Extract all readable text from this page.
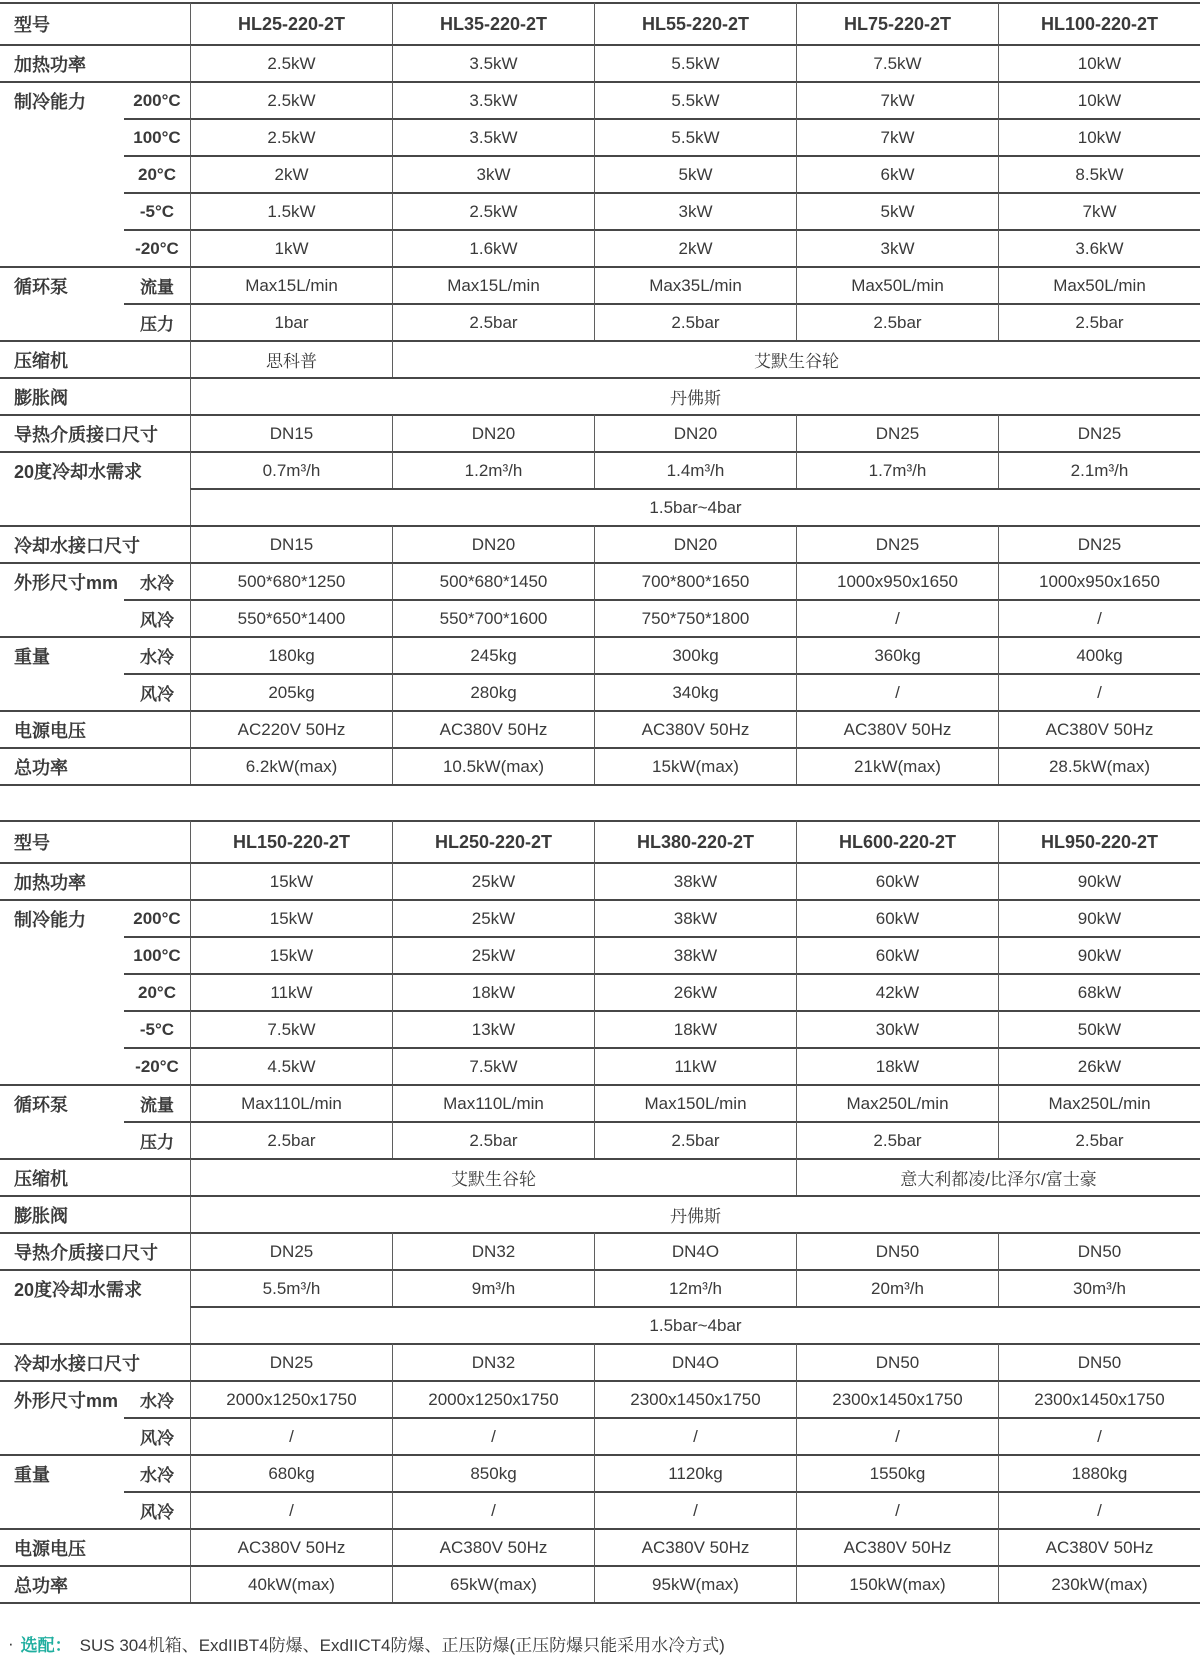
型号	HL25-220-2T	HL35-220-2T	HL55-220-2T	HL75-220-2T	HL100-220-2T
加热功率	2.5kW	3.5kW	5.5kW	7.5kW	10kW
制冷能力	200°C	2.5kW	3.5kW	5.5kW	7kW	10kW
100°C	2.5kW	3.5kW	5.5kW	7kW	10kW
20°C	2kW	3kW	5kW	6kW	8.5kW
-5°C	1.5kW	2.5kW	3kW	5kW	7kW
-20°C	1kW	1.6kW	2kW	3kW	3.6kW
循环泵	流量	Max15L/min	Max15L/min	Max35L/min	Max50L/min	Max50L/min
压力	1bar	2.5bar	2.5bar	2.5bar	2.5bar
压缩机	思科普	艾默生谷轮
膨胀阀	丹佛斯
导热介质接口尺寸	DN15	DN20	DN20	DN25	DN25
20度冷却水需求	0.7m³/h	1.2m³/h	1.4m³/h	1.7m³/h	2.1m³/h
1.5bar~4bar
冷却水接口尺寸	DN15	DN20	DN20	DN25	DN25
外形尺寸mm	水冷	500*680*1250	500*680*1450	700*800*1650	1000x950x1650	1000x950x1650
风冷	550*650*1400	550*700*1600	750*750*1800	/	/
重量	水冷	180kg	245kg	300kg	360kg	400kg
风冷	205kg	280kg	340kg	/	/
电源电压	AC220V 50Hz	AC380V 50Hz	AC380V 50Hz	AC380V 50Hz	AC380V 50Hz
总功率	6.2kW(max)	10.5kW(max)	15kW(max)	21kW(max)	28.5kW(max)
型号	HL150-220-2T	HL250-220-2T	HL380-220-2T	HL600-220-2T	HL950-220-2T
加热功率	15kW	25kW	38kW	60kW	90kW
制冷能力	200°C	15kW	25kW	38kW	60kW	90kW
100°C	15kW	25kW	38kW	60kW	90kW
20°C	11kW	18kW	26kW	42kW	68kW
-5°C	7.5kW	13kW	18kW	30kW	50kW
-20°C	4.5kW	7.5kW	11kW	18kW	26kW
循环泵	流量	Max110L/min	Max110L/min	Max150L/min	Max250L/min	Max250L/min
压力	2.5bar	2.5bar	2.5bar	2.5bar	2.5bar
压缩机	艾默生谷轮	意大利都凌/比泽尔/富士豪
膨胀阀	丹佛斯
导热介质接口尺寸	DN25	DN32	DN4O	DN50	DN50
20度冷却水需求	5.5m³/h	9m³/h	12m³/h	20m³/h	30m³/h
1.5bar~4bar
冷却水接口尺寸	DN25	DN32	DN4O	DN50	DN50
外形尺寸mm	水冷	2000x1250x1750	2000x1250x1750	2300x1450x1750	2300x1450x1750	2300x1450x1750
风冷	/	/	/	/	/
重量	水冷	680kg	850kg	1120kg	1550kg	1880kg
风冷	/	/	/	/	/
电源电压	AC380V 50Hz	AC380V 50Hz	AC380V 50Hz	AC380V 50Hz	AC380V 50Hz
总功率	40kW(max)	65kW(max)	95kW(max)	150kW(max)	230kW(max)
· 选配： SUS 304机箱、ExdIIBT4防爆、ExdIICT4防爆、正压防爆(正压防爆只能采用水冷方式)
